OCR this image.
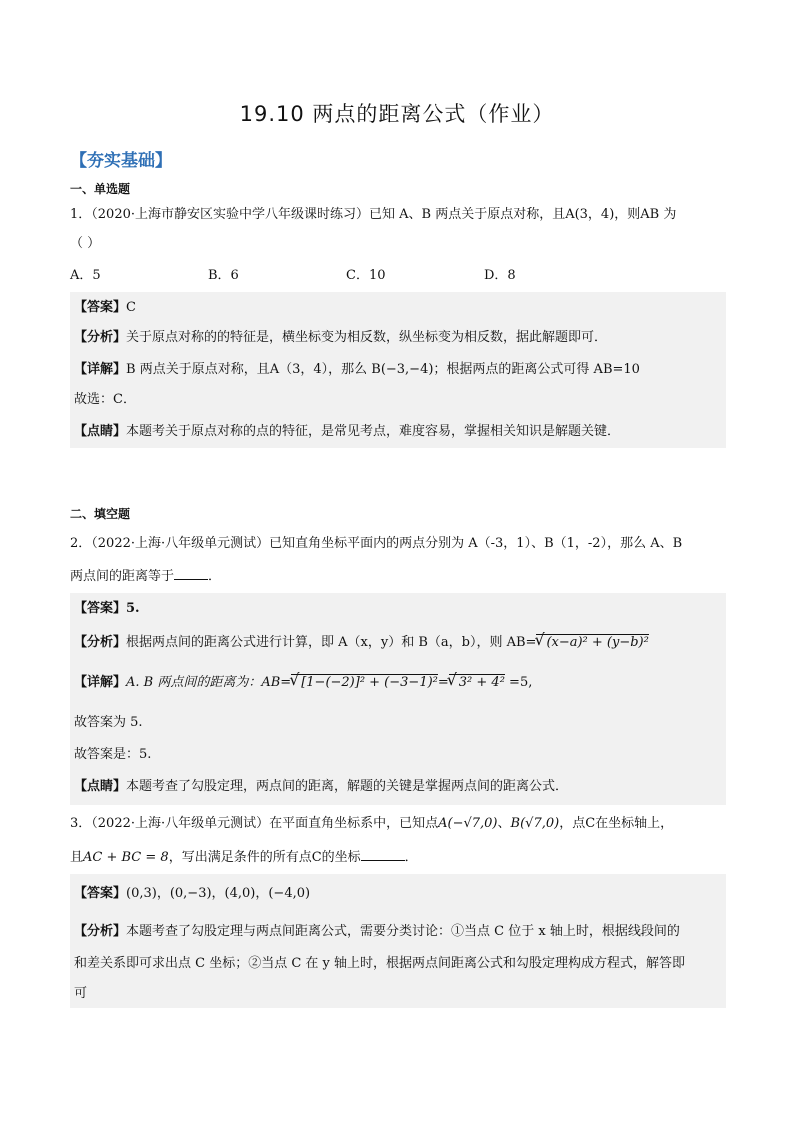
19.10 两点的距离公式（作业）
【夯实基础】
一、单选题
1．（2020·上海市静安区实验中学八年级课时练习）已知 A、B 两点关于原点对称，且A(3，4)，则AB 为
（ ）
A．5	B．6	C．10	D．8
【答案】C
【分析】关于原点对称的的特征是，横坐标变为相反数，纵坐标变为相反数，据此解题即可．
【详解】B 两点关于原点对称，且A（3，4），那么 B(−3,−4)；根据两点的距离公式可得 AB=10
故选：C．
【点睛】本题考关于原点对称的点的特征，是常见考点，难度容易，掌握相关知识是解题关键．
二、填空题
2．（2022·上海·八年级单元测试）已知直角坐标平面内的两点分别为 A（-3，1）、B（1，-2），那么 A、B
两点间的距离等于	．
【答案】5.
【分析】根据两点间的距离公式进行计算，即 A（x，y）和 B（a，b），则 AB= √ (x−a)² + (y−b)²
【详解】A. B 两点间的距离为：AB= √ [1−(−2)]² + (−3−1)²= √ 3² + 4² =5,
故答案为 5.
故答案是：5.
【点睛】本题考查了勾股定理，两点间的距离，解题的关键是掌握两点间的距离公式．
3．（2022·上海·八年级单元测试）在平面直角坐标系中，已知点A(−√7,0)、B(√7,0)，点C在坐标轴上，
且AC + BC = 8，写出满足条件的所有点C的坐标	．
【答案】(0,3)，(0,−3)，(4,0)，(−4,0)
【分析】本题考查了勾股定理与两点间距离公式，需要分类讨论：①当点 C 位于 x 轴上时，根据线段间的
和差关系即可求出点 C 坐标；②当点 C 在 y 轴上时，根据两点间距离公式和勾股定理构成方程式，解答即
可
